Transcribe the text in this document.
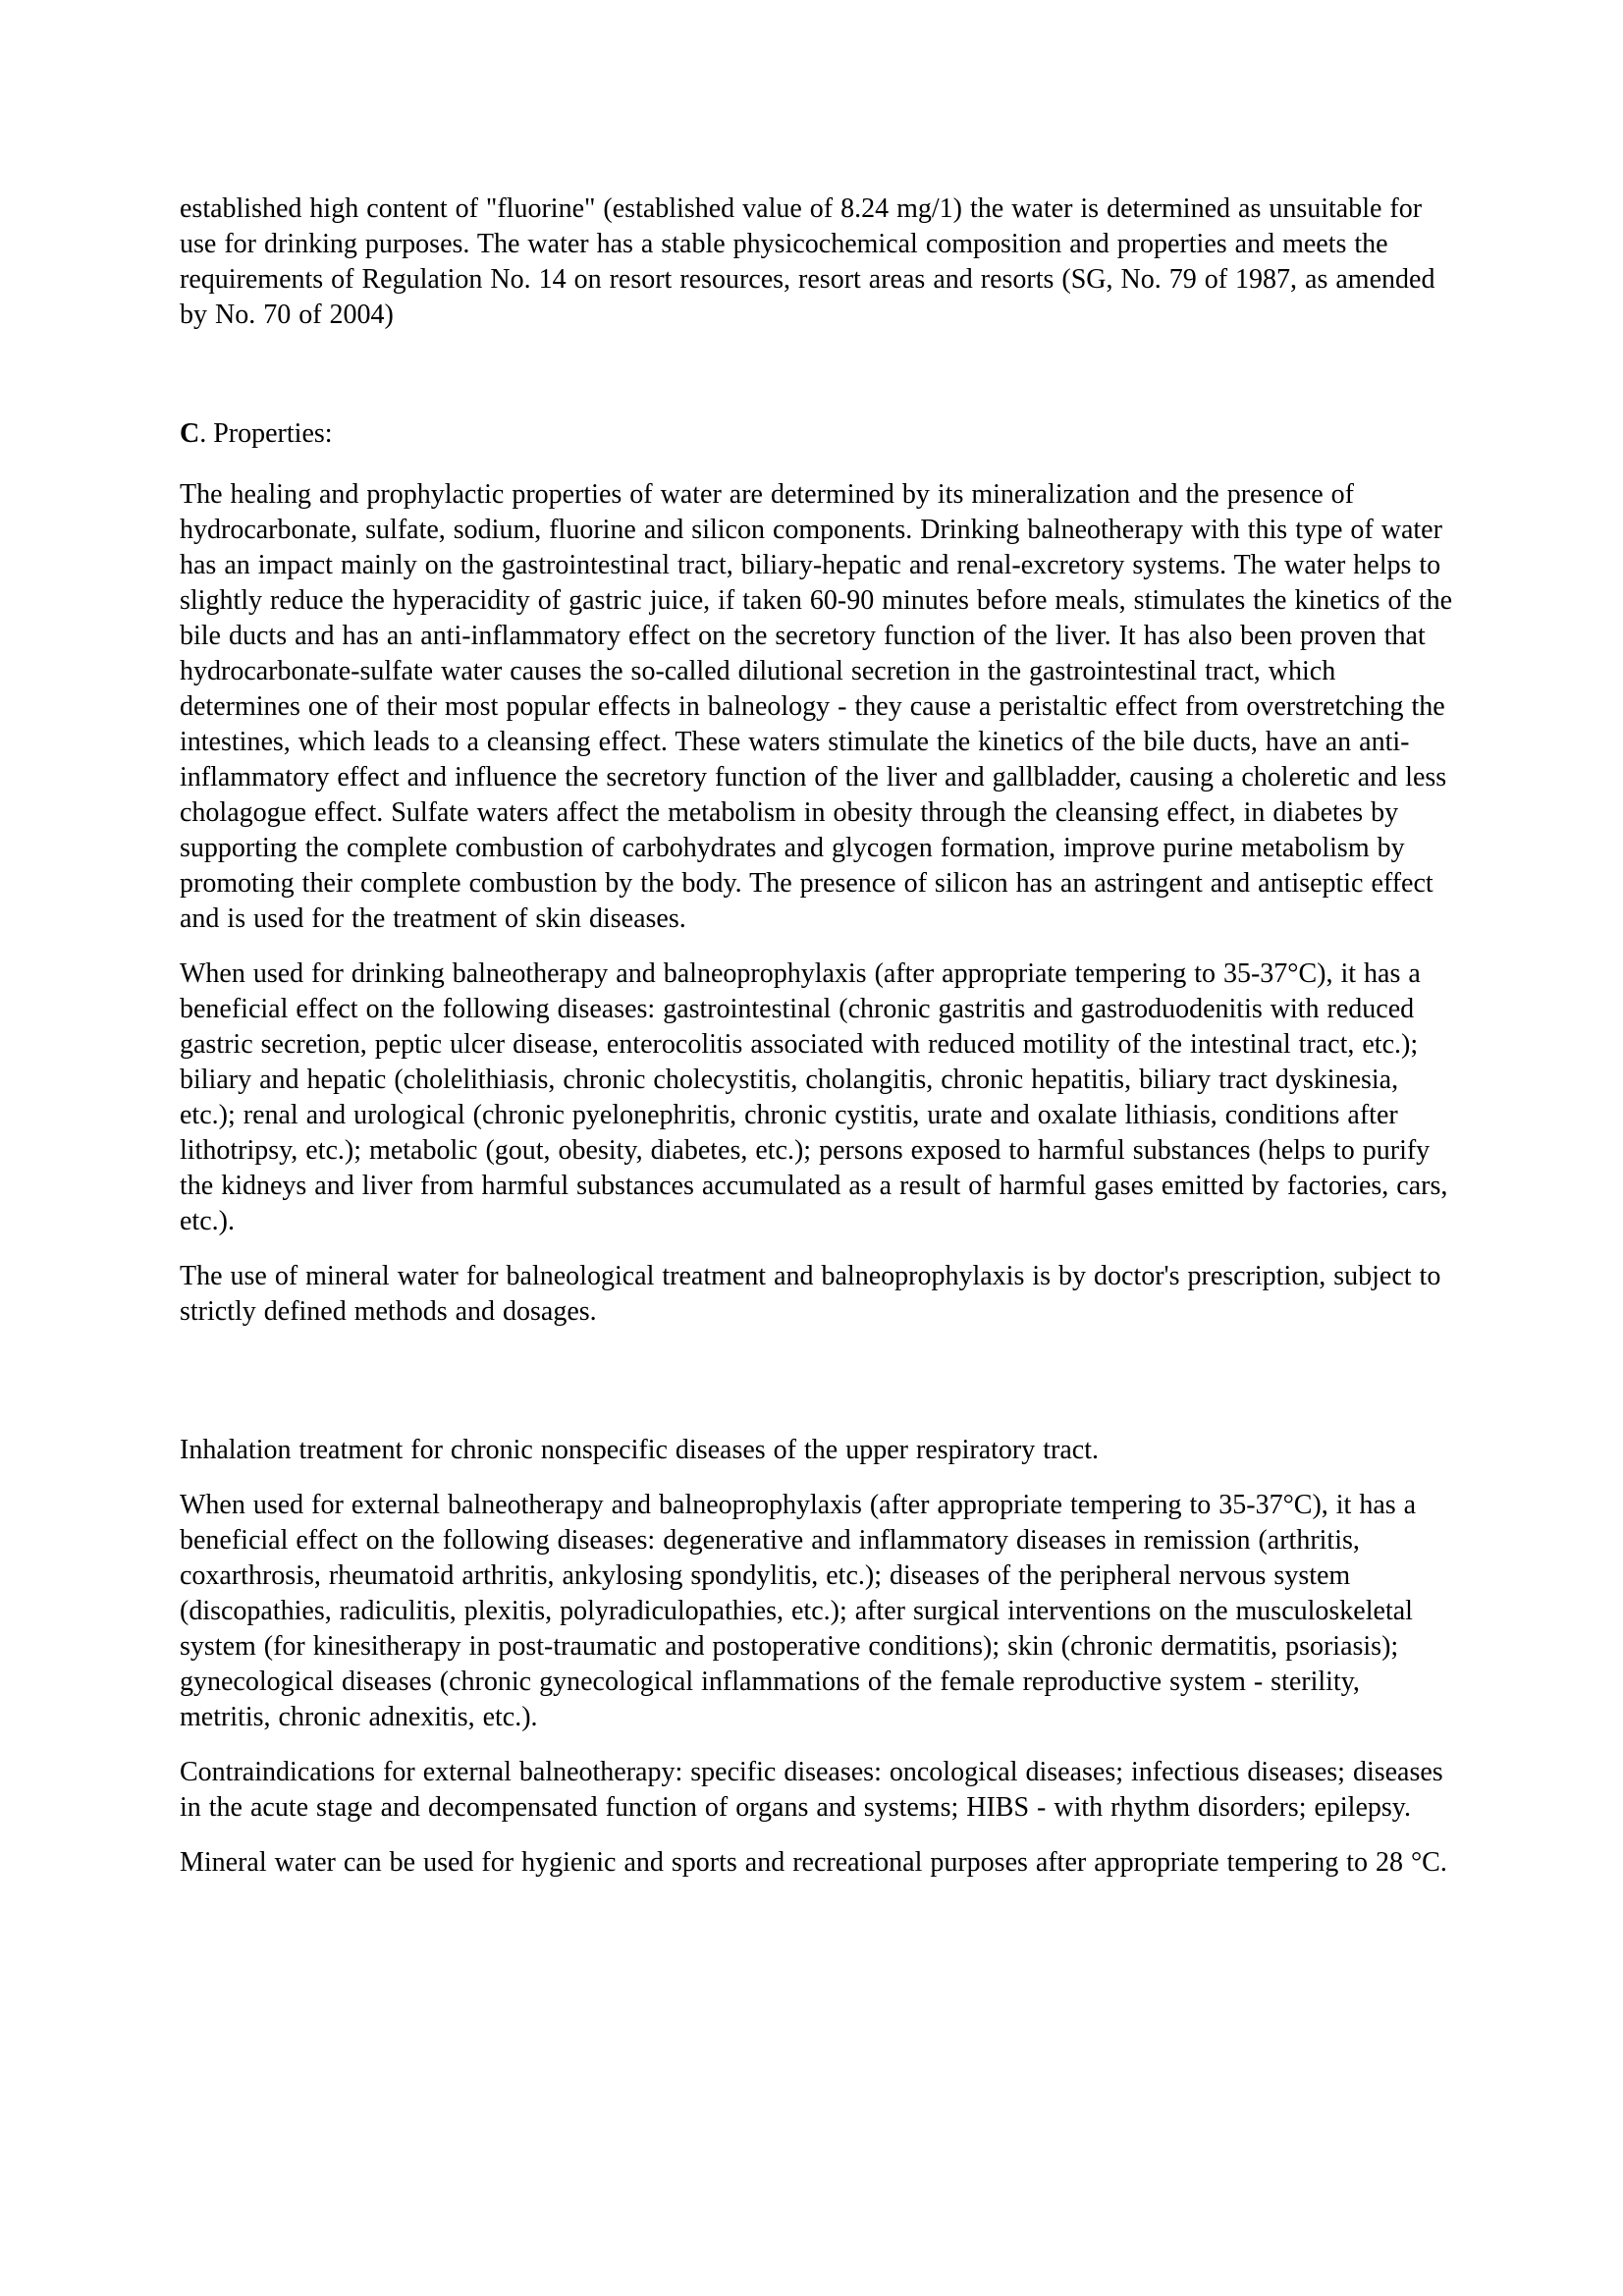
established high content of "fluorine" (established value of 8.24 mg/1) the water is determined as unsuitable for use for drinking purposes. The water has a stable physicochemical composition and properties and meets the requirements of Regulation No. 14 on resort resources, resort areas and resorts (SG, No. 79 of 1987, as amended by No. 70 of 2004)

C. Properties:

The healing and prophylactic properties of water are determined by its mineralization and the presence of hydrocarbonate, sulfate, sodium, fluorine and silicon components. Drinking balneotherapy with this type of water has an impact mainly on the gastrointestinal tract, biliary-hepatic and renal-excretory systems. The water helps to slightly reduce the hyperacidity of gastric juice, if taken 60-90 minutes before meals, stimulates the kinetics of the bile ducts and has an anti-inflammatory effect on the secretory function of the liver. It has also been proven that hydrocarbonate-sulfate water causes the so-called dilutional secretion in the gastrointestinal tract, which determines one of their most popular effects in balneology - they cause a peristaltic effect from overstretching the intestines, which leads to a cleansing effect. These waters stimulate the kinetics of the bile ducts, have an anti-inflammatory effect and influence the secretory function of the liver and gallbladder, causing a choleretic and less cholagogue effect. Sulfate waters affect the metabolism in obesity through the cleansing effect, in diabetes by supporting the complete combustion of carbohydrates and glycogen formation, improve purine metabolism by promoting their complete combustion by the body. The presence of silicon has an astringent and antiseptic effect and is used for the treatment of skin diseases.

When used for drinking balneotherapy and balneoprophylaxis (after appropriate tempering to 35-37°C), it has a beneficial effect on the following diseases: gastrointestinal (chronic gastritis and gastroduodenitis with reduced gastric secretion, peptic ulcer disease, enterocolitis associated with reduced motility of the intestinal tract, etc.); biliary and hepatic (cholelithiasis, chronic cholecystitis, cholangitis, chronic hepatitis, biliary tract dyskinesia, etc.); renal and urological (chronic pyelonephritis, chronic cystitis, urate and oxalate lithiasis, conditions after lithotripsy, etc.); metabolic (gout, obesity, diabetes, etc.); persons exposed to harmful substances (helps to purify the kidneys and liver from harmful substances accumulated as a result of harmful gases emitted by factories, cars, etc.).

The use of mineral water for balneological treatment and balneoprophylaxis is by doctor's prescription, subject to strictly defined methods and dosages.

Inhalation treatment for chronic nonspecific diseases of the upper respiratory tract.

When used for external balneotherapy and balneoprophylaxis (after appropriate tempering to 35-37°C), it has a beneficial effect on the following diseases: degenerative and inflammatory diseases in remission (arthritis, coxarthrosis, rheumatoid arthritis, ankylosing spondylitis, etc.); diseases of the peripheral nervous system (discopathies, radiculitis, plexitis, polyradiculopathies, etc.); after surgical interventions on the musculoskeletal system (for kinesitherapy in post-traumatic and postoperative conditions); skin (chronic dermatitis, psoriasis); gynecological diseases (chronic gynecological inflammations of the female reproductive system - sterility, metritis, chronic adnexitis, etc.).

Contraindications for external balneotherapy: specific diseases: oncological diseases; infectious diseases; diseases in the acute stage and decompensated function of organs and systems; HIBS - with rhythm disorders; epilepsy.

Mineral water can be used for hygienic and sports and recreational purposes after appropriate tempering to 28 °C.
